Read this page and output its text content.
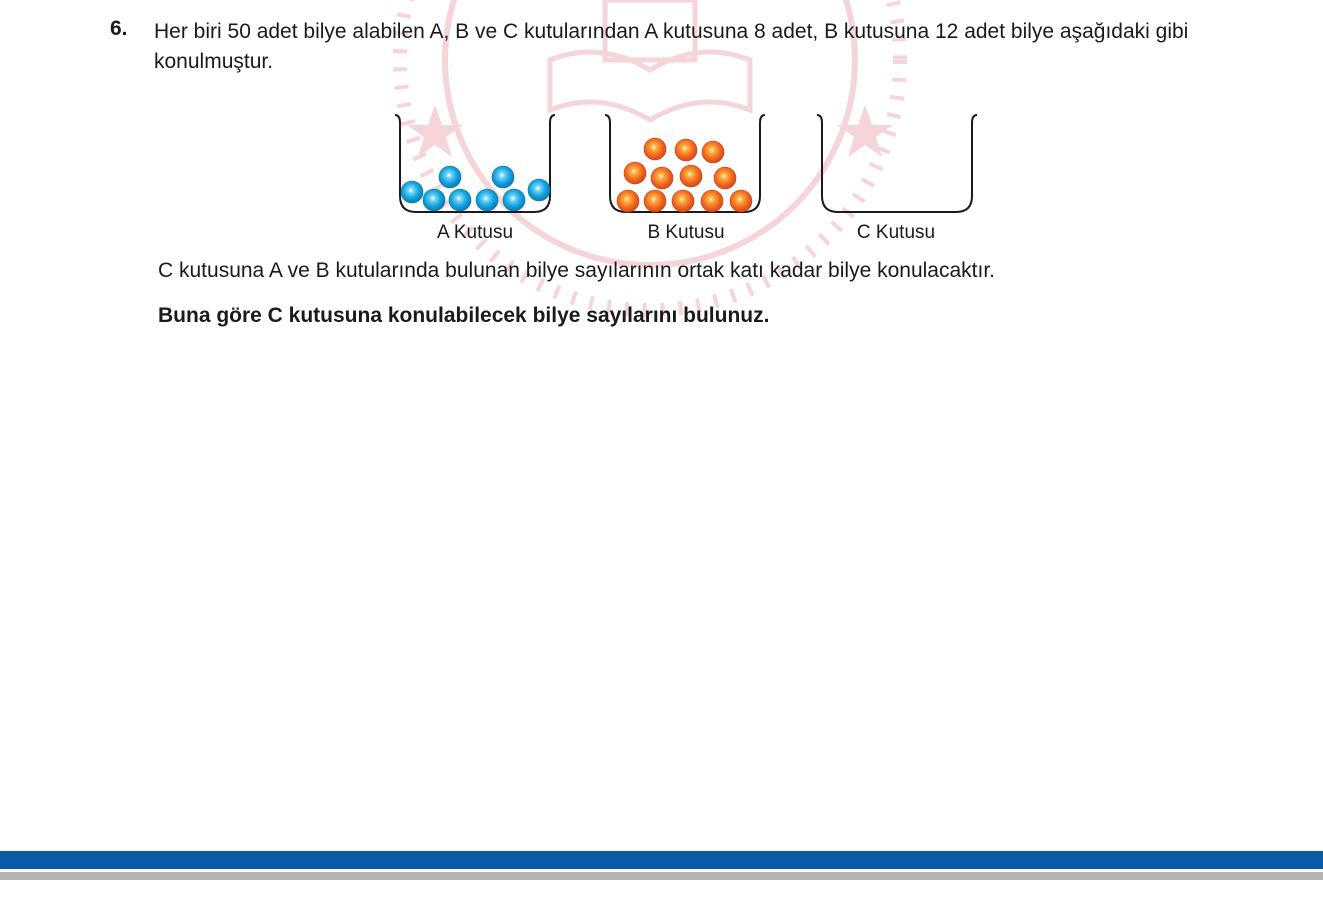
6. Her biri 50 adet bilye alabilen A, B ve C kutularından A kutusuna 8 adet, B kutusuna 12 adet bilye aşağıdaki gibi konulmuştur.
A Kutusu	B Kutusu	C Kutusu
C kutusuna A ve B kutularında bulunan bilye sayılarının ortak katı kadar bilye konulacaktır.
Buna göre C kutusuna konulabilecek bilye sayılarını bulunuz.
